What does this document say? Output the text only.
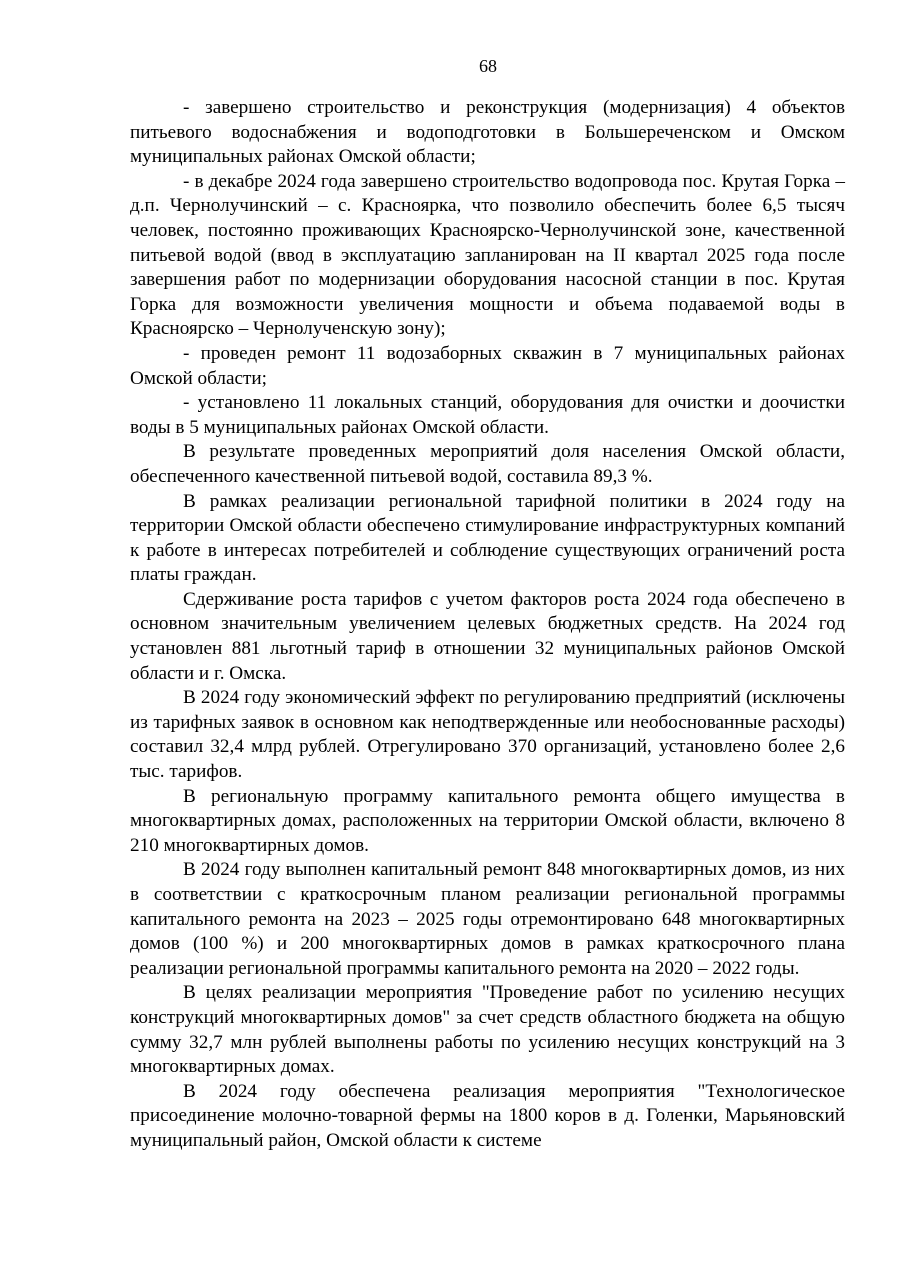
68

- завершено строительство и реконструкция (модернизация) 4 объектов питьевого водоснабжения и водоподготовки в Большереченском и Омском муниципальных районах Омской области;

- в декабре 2024 года завершено строительство водопровода пос. Крутая Горка – д.п. Чернолучинский – с. Красноярка, что позволило обеспечить более 6,5 тысяч человек, постоянно проживающих Красноярско-Чернолучинской зоне, качественной питьевой водой (ввод в эксплуатацию запланирован на II квартал 2025 года после завершения работ по модернизации оборудования насосной станции в пос. Крутая Горка для возможности увеличения мощности и объема подаваемой воды в Красноярско – Чернолученскую зону);

- проведен ремонт 11 водозаборных скважин в 7 муниципальных районах Омской области;

- установлено 11 локальных станций, оборудования для очистки и доочистки воды в 5 муниципальных районах Омской области.

В результате проведенных мероприятий доля населения Омской области, обеспеченного качественной питьевой водой, составила 89,3 %.

В рамках реализации региональной тарифной политики в 2024 году на территории Омской области обеспечено стимулирование инфраструктурных компаний к работе в интересах потребителей и соблюдение существующих ограничений роста платы граждан.

Сдерживание роста тарифов с учетом факторов роста 2024 года обеспечено в основном значительным увеличением целевых бюджетных средств. На 2024 год установлен 881 льготный тариф в отношении 32 муниципальных районов Омской области и г. Омска.

В 2024 году экономический эффект по регулированию предприятий (исключены из тарифных заявок в основном как неподтвержденные или необоснованные расходы) составил 32,4 млрд рублей. Отрегулировано 370 организаций, установлено более 2,6 тыс. тарифов.

В региональную программу капитального ремонта общего имущества в многоквартирных домах, расположенных на территории Омской области, включено 8 210 многоквартирных домов.

В 2024 году выполнен капитальный ремонт 848 многоквартирных домов, из них в соответствии с краткосрочным планом реализации региональной программы капитального ремонта на 2023 – 2025 годы отремонтировано 648 многоквартирных домов (100 %) и 200 многоквартирных домов в рамках краткосрочного плана реализации региональной программы капитального ремонта на 2020 – 2022 годы.

В целях реализации мероприятия "Проведение работ по усилению несущих конструкций многоквартирных домов" за счет средств областного бюджета на общую сумму 32,7 млн рублей выполнены работы по усилению несущих конструкций на 3 многоквартирных домах.

В 2024 году обеспечена реализация мероприятия "Технологическое присоединение молочно-товарной фермы на 1800 коров в д. Голенки, Марьяновский муниципальный район, Омской области к системе
